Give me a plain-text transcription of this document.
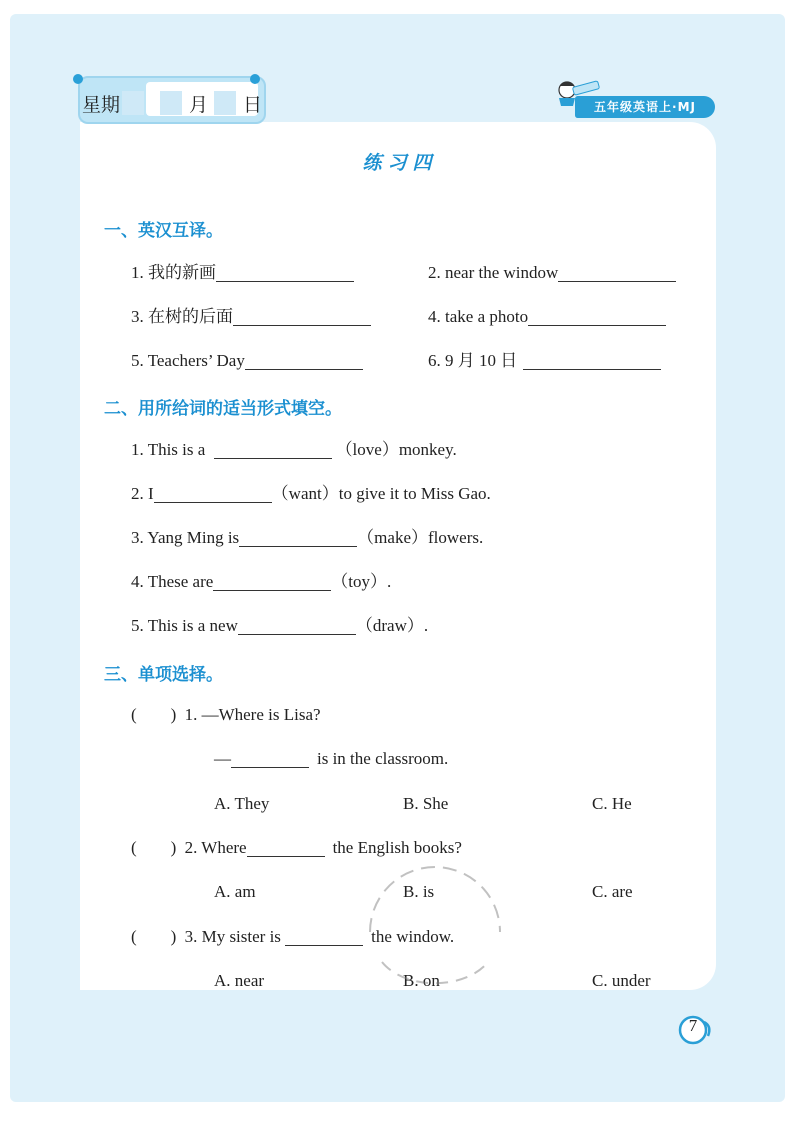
星期	月 日	五年级英语上·MJ
练习四
一、英汉互译。
1. 我的新画	2. near the window
3. 在树的后面	4. take a photo
5. Teachers’ Day	6. 9 月 10 日
二、用所给词的适当形式填空。
1. This is a	（love）monkey.
2. I	（want）to give it to Miss Gao.
3. Yang Ming is	（make）flowers.
4. These are	（toy）.
5. This is a new	（draw）.
三、单项选择。
(　　) 1. —Where is Lisa?
—	is in the classroom.
A. They	B. She	C. He
(　　) 2. Where	the English books?
A. am	B. is	C. are
(　　) 3. My sister is	the window.
A. near	B. on	C. under
7
